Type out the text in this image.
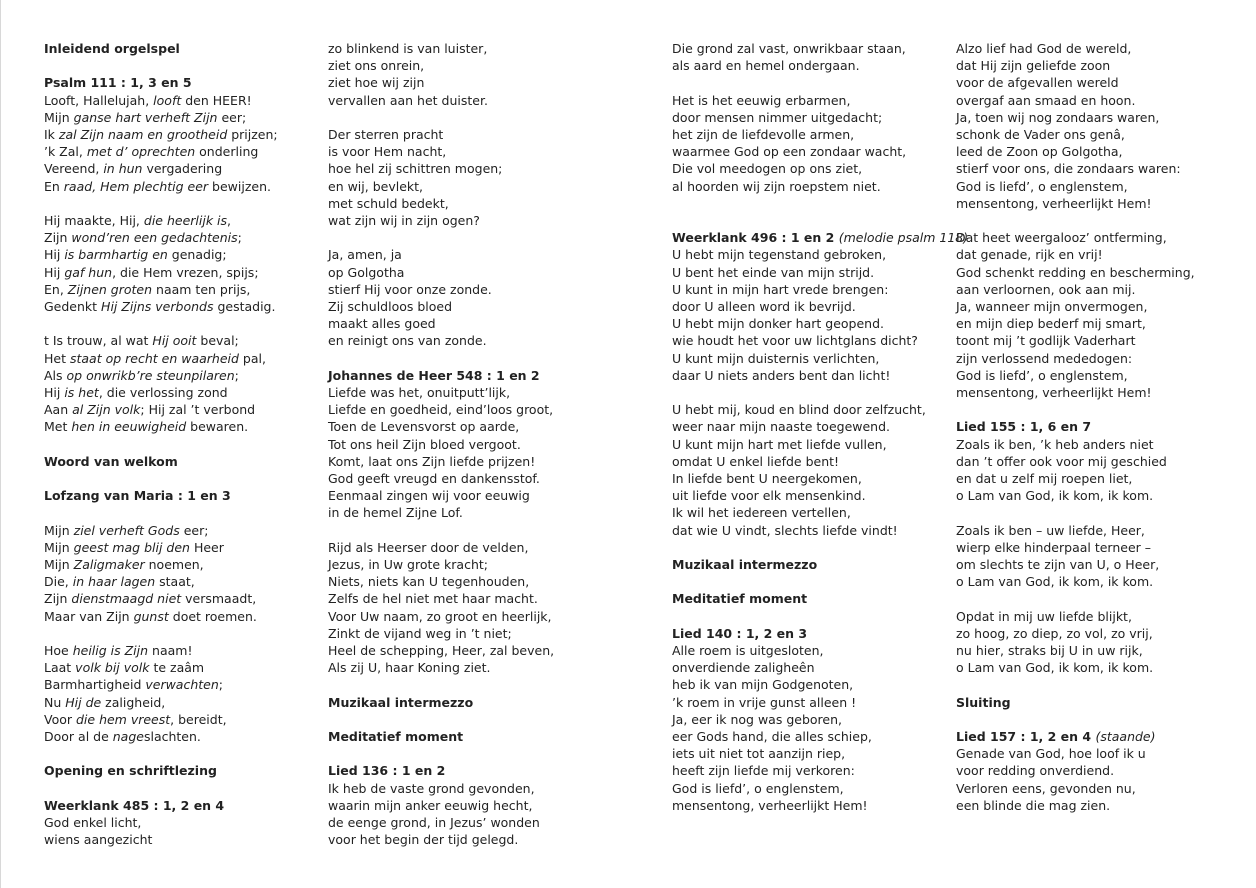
Inleidend orgelspel
Psalm 111 : 1, 3 en 5
Looft, Hallelujah, looft den HEER!
Mijn ganse hart verheft Zijn eer;
Ik zal Zijn naam en grootheid prijzen;
’k Zal, met d’ oprechten onderling
Vereend, in hun vergadering
En raad, Hem plechtig eer bewijzen.
Hij maakte, Hij, die heerlijk is,
Zijn wond’ren een gedachtenis;
Hij is barmhartig en genadig;
Hij gaf hun, die Hem vrezen, spijs;
En, Zijnen groten naam ten prijs,
Gedenkt Hij Zijns verbonds gestadig.
t Is trouw, al wat Hij ooit beval;
Het staat op recht en waarheid pal,
Als op onwrikb’re steunpilaren;
Hij is het, die verlossing zond
Aan al Zijn volk; Hij zal ’t verbond
Met hen in eeuwigheid bewaren.
Woord van welkom
Lofzang van Maria : 1 en 3
Mijn ziel verheft Gods eer;
Mijn geest mag blij den Heer
Mijn Zaligmaker noemen,
Die, in haar lagen staat,
Zijn dienstmaagd niet versmaadt,
Maar van Zijn gunst doet roemen.
Hoe heilig is Zijn naam!
Laat volk bij volk te zaâm
Barmhartigheid verwachten;
Nu Hij de zaligheid,
Voor die hem vreest, bereidt,
Door al de nageslachten.
Opening en schriftlezing
Weerklank 485 : 1, 2 en 4
God enkel licht,
wiens aangezicht
zo blinkend is van luister,
ziet ons onrein,
ziet hoe wij zijn
vervallen aan het duister.
Der sterren pracht
is voor Hem nacht,
hoe hel zij schittren mogen;
en wij, bevlekt,
met schuld bedekt,
wat zijn wij in zijn ogen?
Ja, amen, ja
op Golgotha
stierf Hij voor onze zonde.
Zij schuldloos bloed
maakt alles goed
en reinigt ons van zonde.
Johannes de Heer 548 : 1 en 2
Liefde was het, onuitputt’lijk,
Liefde en goedheid, eind’loos groot,
Toen de Levensvorst op aarde,
Tot ons heil Zijn bloed vergoot.
Komt, laat ons Zijn liefde prijzen!
God geeft vreugd en dankensstof.
Eenmaal zingen wij voor eeuwig
in de hemel Zijne Lof.
Rijd als Heerser door de velden,
Jezus, in Uw grote kracht;
Niets, niets kan U tegenhouden,
Zelfs de hel niet met haar macht.
Voor Uw naam, zo groot en heerlijk,
Zinkt de vijand weg in ’t niet;
Heel de schepping, Heer, zal beven,
Als zij U, haar Koning ziet.
Muzikaal intermezzo
Meditatief moment
Lied 136 : 1 en 2
Ik heb de vaste grond gevonden,
waarin mijn anker eeuwig hecht,
de eenge grond, in Jezus’ wonden
voor het begin der tijd gelegd.
Die grond zal vast, onwrikbaar staan,
als aard en hemel ondergaan.
Het is het eeuwig erbarmen,
door mensen nimmer uitgedacht;
het zijn de liefdevolle armen,
waarmee God op een zondaar wacht,
Die vol meedogen op ons ziet,
al hoorden wij zijn roepstem niet.
Weerklank 496 : 1 en 2 (melodie psalm 118)
U hebt mijn tegenstand gebroken,
U bent het einde van mijn strijd.
U kunt in mijn hart vrede brengen:
door U alleen word ik bevrijd.
U hebt mijn donker hart geopend.
wie houdt het voor uw lichtglans dicht?
U kunt mijn duisternis verlichten,
daar U niets anders bent dan licht!
U hebt mij, koud en blind door zelfzucht,
weer naar mijn naaste toegewend.
U kunt mijn hart met liefde vullen,
omdat U enkel liefde bent!
In liefde bent U neergekomen,
uit liefde voor elk mensenkind.
Ik wil het iedereen vertellen,
dat wie U vindt, slechts liefde vindt!
Muzikaal intermezzo
Meditatief moment
Lied 140 : 1, 2 en 3
Alle roem is uitgesloten,
onverdiende zaligheên
heb ik van mijn Godgenoten,
’k roem in vrije gunst alleen !
Ja, eer ik nog was geboren,
eer Gods hand, die alles schiep,
iets uit niet tot aanzijn riep,
heeft zijn liefde mij verkoren:
God is liefd’, o englenstem,
mensentong, verheerlijkt Hem!
Alzo lief had God de wereld,
dat Hij zijn geliefde zoon
voor de afgevallen wereld
overgaf aan smaad en hoon.
Ja, toen wij nog zondaars waren,
schonk de Vader ons genâ,
leed de Zoon op Golgotha,
stierf voor ons, die zondaars waren:
God is liefd’, o englenstem,
mensentong, verheerlijkt Hem!
Dat heet weergalooz’ ontferming,
dat genade, rijk en vrij!
God schenkt redding en bescherming,
aan verloornen, ook aan mij.
Ja, wanneer mijn onvermogen,
en mijn diep bederf mij smart,
toont mij ’t godlijk Vaderhart
zijn verlossend mededogen:
God is liefd’, o englenstem,
mensentong, verheerlijkt Hem!
Lied 155 : 1, 6 en 7
Zoals ik ben, ’k heb anders niet
dan ’t offer ook voor mij geschied
en dat u zelf mij roepen liet,
o Lam van God, ik kom, ik kom.
Zoals ik ben – uw liefde, Heer,
wierp elke hinderpaal terneer –
om slechts te zijn van U, o Heer,
o Lam van God, ik kom, ik kom.
Opdat in mij uw liefde blijkt,
zo hoog, zo diep, zo vol, zo vrij,
nu hier, straks bij U in uw rijk,
o Lam van God, ik kom, ik kom.
Sluiting
Lied 157 : 1, 2 en 4 (staande)
Genade van God, hoe loof ik u
voor redding onverdiend.
Verloren eens, gevonden nu,
een blinde die mag zien.
